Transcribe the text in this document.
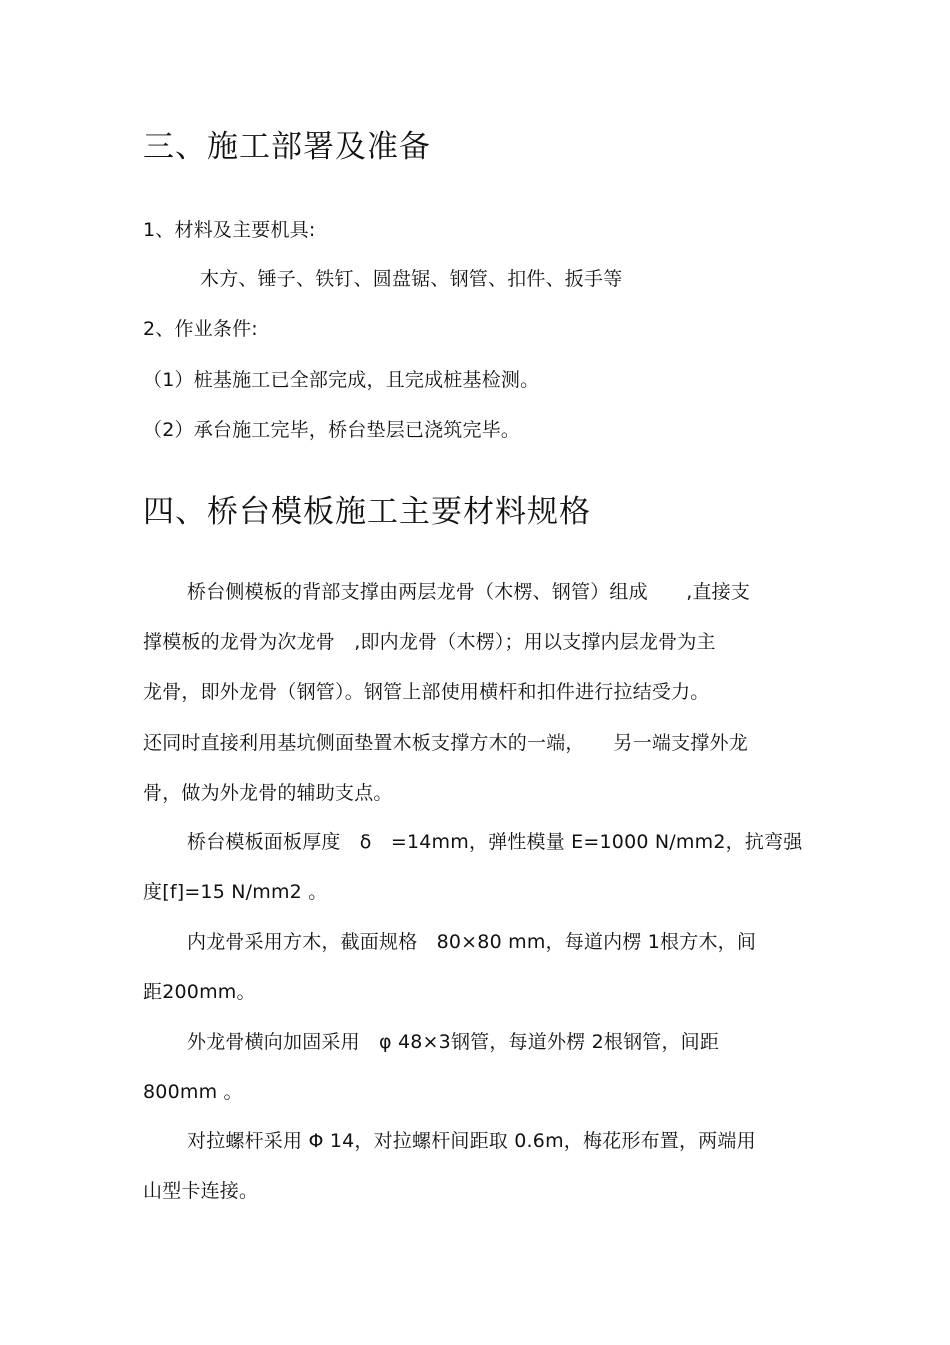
三、施工部署及准备
1、材料及主要机具:
木方、锤子、铁钉、圆盘锯、钢管、扣件、扳手等
2、作业条件:
（1）桩基施工已全部完成，且完成桩基检测。
（2）承台施工完毕，桥台垫层已浇筑完毕。
四、桥台模板施工主要材料规格
桥台侧模板的背部支撑由两层龙骨（木楞、钢管）组成　　,直接支
撑模板的龙骨为次龙骨　,即内龙骨（木楞）；用以支撑内层龙骨为主
龙骨，即外龙骨（钢管）。钢管上部使用横杆和扣件进行拉结受力。
还同时直接利用基坑侧面垫置木板支撑方木的一端，　　另一端支撑外龙
骨，做为外龙骨的辅助支点。
桥台模板面板厚度　δ　=14mm，弹性模量 E=1000 N/mm2，抗弯强
度[f]=15 N/mm2 。
内龙骨采用方木，截面规格　80×80 mm，每道内楞 1根方木，间
距200mm。
外龙骨横向加固采用　φ 48×3钢管，每道外楞 2根钢管，间距
800mm 。
对拉螺杆采用 Φ 14，对拉螺杆间距取 0.6m，梅花形布置，两端用
山型卡连接。
